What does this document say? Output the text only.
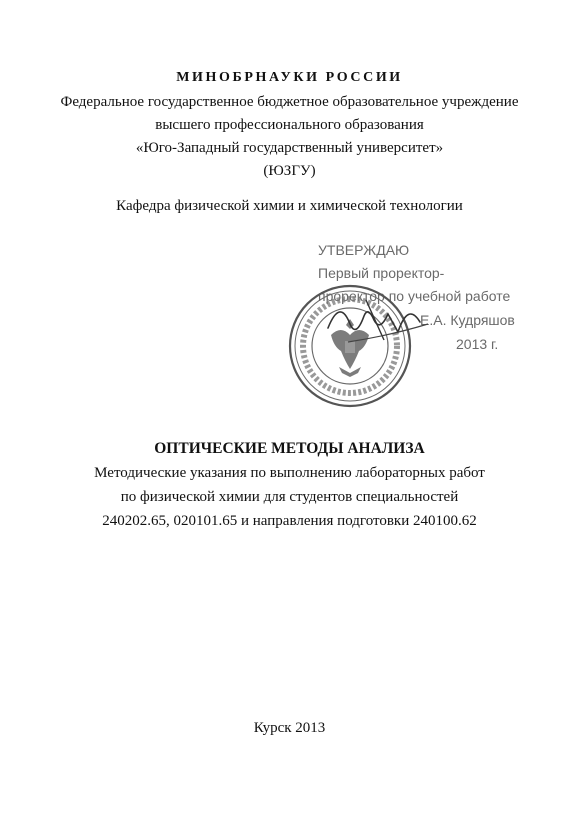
МИНОБРНАУКИ РОССИИ
Федеральное государственное бюджетное образовательное учреждение
высшего профессионального образования
«Юго-Западный государственный университет»
(ЮЗГУ)
Кафедра физической химии и химической технологии
УТВЕРЖДАЮ
Первый проректор-
проректор по учебной работе
Е.А. Кудряшов
2013 г.
ОПТИЧЕСКИЕ МЕТОДЫ АНАЛИЗА
Методические указания по выполнению лабораторных работ
по физической химии для студентов специальностей
240202.65, 020101.65 и направления подготовки 240100.62
Курск 2013
